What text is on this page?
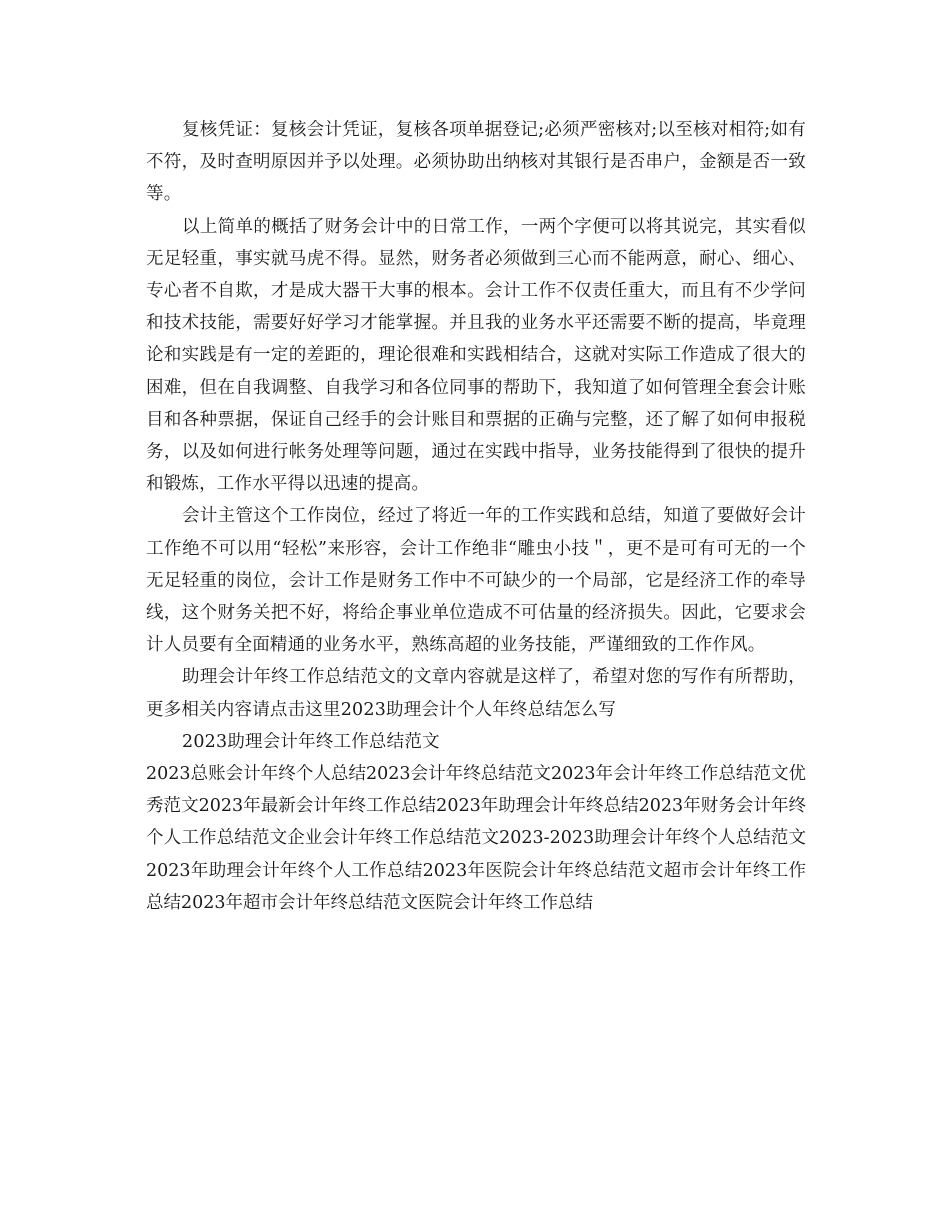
复核凭证：复核会计凭证，复核各项单据登记;必须严密核对;以至核对相符;如有不符，及时查明原因并予以处理。必须协助出纳核对其银行是否串户，金额是否一致等。

以上简单的概括了财务会计中的日常工作，一两个字便可以将其说完，其实看似无足轻重，事实就马虎不得。显然，财务者必须做到三心而不能两意，耐心、细心、专心者不自欺，才是成大器干大事的根本。会计工作不仅责任重大，而且有不少学问和技术技能，需要好好学习才能掌握。并且我的业务水平还需要不断的提高，毕竟理论和实践是有一定的差距的，理论很难和实践相结合，这就对实际工作造成了很大的困难，但在自我调整、自我学习和各位同事的帮助下，我知道了如何管理全套会计账目和各种票据，保证自己经手的会计账目和票据的正确与完整，还了解了如何申报税务，以及如何进行帐务处理等问题，通过在实践中指导，业务技能得到了很快的提升和锻炼，工作水平得以迅速的提高。

会计主管这个工作岗位，经过了将近一年的工作实践和总结，知道了要做好会计工作绝不可以用“轻松”来形容，会计工作绝非“雕虫小技＂，更不是可有可无的一个无足轻重的岗位，会计工作是财务工作中不可缺少的一个局部，它是经济工作的牵导线，这个财务关把不好，将给企事业单位造成不可估量的经济损失。因此，它要求会计人员要有全面精通的业务水平，熟练高超的业务技能，严谨细致的工作作风。

助理会计年终工作总结范文的文章内容就是这样了，希望对您的写作有所帮助，更多相关内容请点击这里2023助理会计个人年终总结怎么写

2023助理会计年终工作总结范文

2023总账会计年终个人总结2023会计年终总结范文2023年会计年终工作总结范文优秀范文2023年最新会计年终工作总结2023年助理会计年终总结2023年财务会计年终个人工作总结范文企业会计年终工作总结范文2023-2023助理会计年终个人总结范文2023年助理会计年终个人工作总结2023年医院会计年终总结范文超市会计年终工作总结2023年超市会计年终总结范文医院会计年终工作总结
